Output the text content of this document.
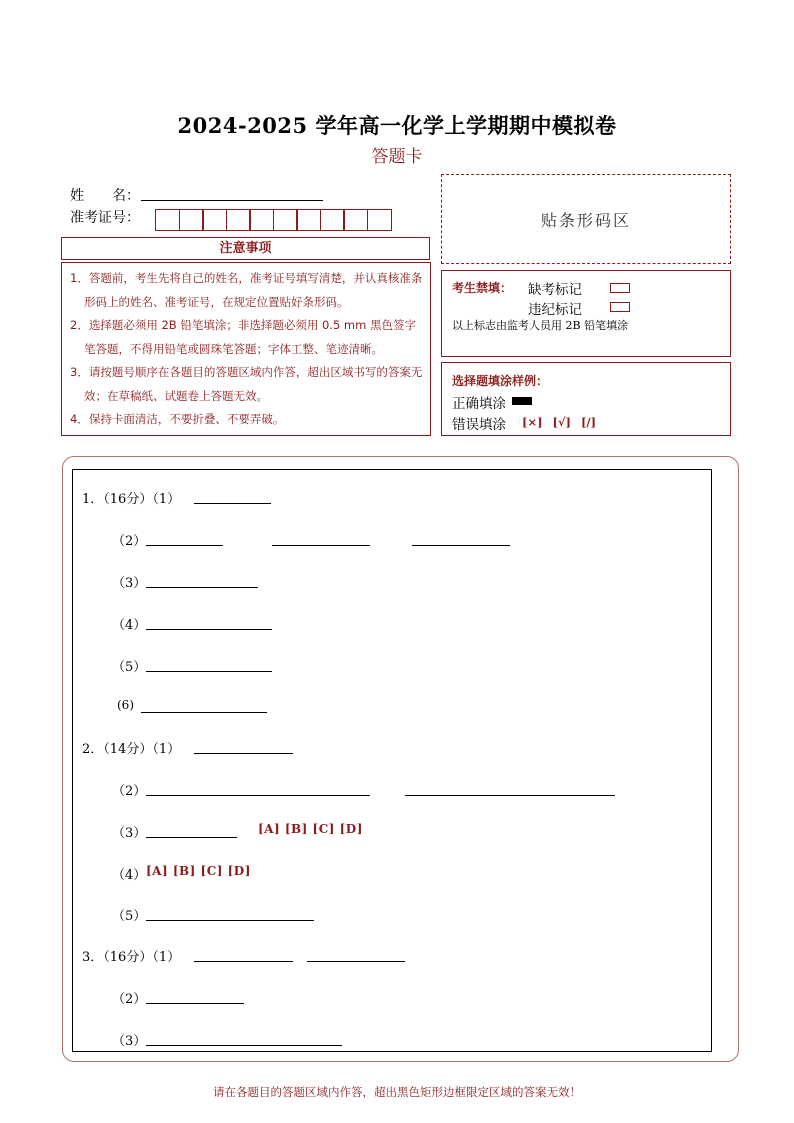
2024-2025 学年高一化学上学期期中模拟卷
答题卡
姓　　名：
准考证号：	贴条形码区
注意事项
1．答题前，考生先将自己的姓名，准考证号填写清楚，并认真核准条形码上的姓名、准考证号，在规定位置贴好条形码。
2．选择题必须用 2B 铅笔填涂；非选择题必须用 0.5 mm 黑色签字笔答题，不得用铅笔或圆珠笔答题；字体工整、笔迹清晰。
3．请按题号顺序在各题目的答题区域内作答，超出区域书写的答案无效；在草稿纸、试题卷上答题无效。
4．保持卡面清洁，不要折叠、不要弄破。
考生禁填： 缺考标记
违纪标记
以上标志由监考人员用 2B 铅笔填涂
选择题填涂样例：
正确填涂
错误填涂 [×] [√] [/]
1．（16分）（1）
（2）
（3）
（4）
（5）
(6)
2．（14分）（1）
（2）
（3）	[A] [B] [C] [D]
（4） [A] [B] [C] [D]
（5）
3．（16分）（1）
（2）
（3）
请在各题目的答题区域内作答，超出黑色矩形边框限定区域的答案无效！
